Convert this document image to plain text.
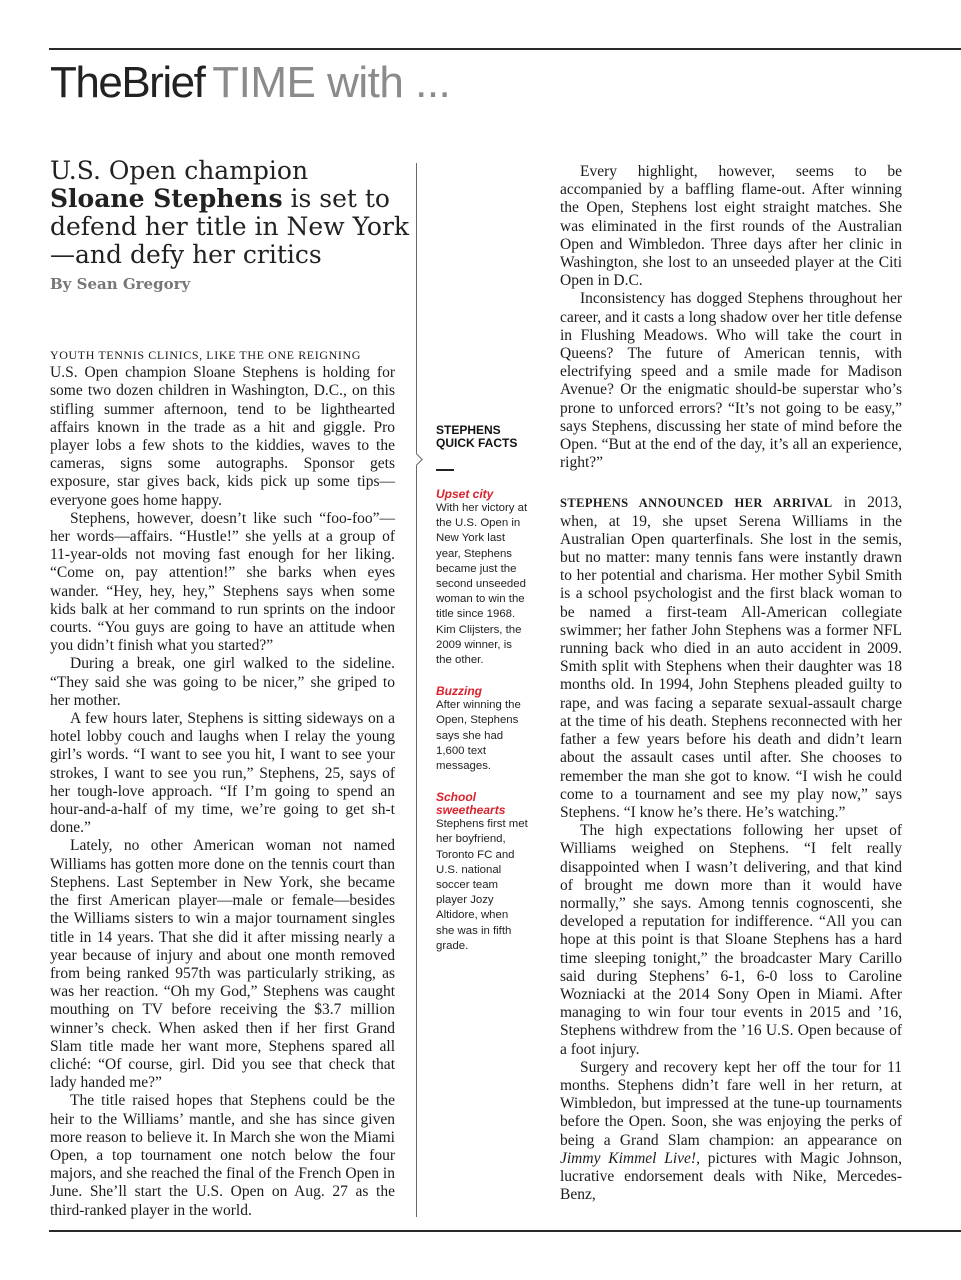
TheBrief TIME with ...
U.S. Open champion Sloane Stephens is set to defend her title in New York—and defy her critics
By Sean Gregory

YOUTH TENNIS CLINICS, LIKE THE ONE REIGNING
U.S. Open champion Sloane Stephens is holding for some two dozen children in Washington, D.C., on this stifling summer afternoon, tend to be lighthearted affairs known in the trade as a hit and giggle. Pro player lobs a few shots to the kiddies, waves to the cameras, signs some autographs. Sponsor gets exposure, star gives back, kids pick up some tips—everyone goes home happy.

Stephens, however, doesn’t like such “foo-foo”—her words—affairs. “Hustle!” she yells at a group of 11-year-olds not moving fast enough for her liking. “Come on, pay attention!” she barks when eyes wander. “Hey, hey, hey,” Stephens says when some kids balk at her command to run sprints on the indoor courts. “You guys are going to have an attitude when you didn’t finish what you started?”

During a break, one girl walked to the sideline. “They said she was going to be nicer,” she griped to her mother.

A few hours later, Stephens is sitting sideways on a hotel lobby couch and laughs when I relay the young girl’s words. “I want to see you hit, I want to see your strokes, I want to see you run,” Stephens, 25, says of her tough-love approach. “If I’m going to spend an hour-and-a-half of my time, we’re going to get sh-t done.”

Lately, no other American woman not named Williams has gotten more done on the tennis court than Stephens. Last September in New York, she became the first American player—male or female—besides the Williams sisters to win a major tournament singles title in 14 years. That she did it after missing nearly a year because of injury and about one month removed from being ranked 957th was particularly striking, as was her reaction. “Oh my God,” Stephens was caught mouthing on TV before receiving the $3.7 million winner’s check. When asked then if her first Grand Slam title made her want more, Stephens spared all cliché: “Of course, girl. Did you see that check that lady handed me?”

The title raised hopes that Stephens could be the heir to the Williams’ mantle, and she has since given more reason to believe it. In March she won the Miami Open, a top tournament one notch below the four majors, and she reached the final of the French Open in June. She’ll start the U.S. Open on Aug. 27 as the third-ranked player in the world.

STEPHENS QUICK FACTS
Upset city
With her victory at the U.S. Open in New York last year, Stephens became just the second unseeded woman to win the title since 1968. Kim Clijsters, the 2009 winner, is the other.
Buzzing
After winning the Open, Stephens says she had 1,600 text messages.
School sweethearts
Stephens first met her boyfriend, Toronto FC and U.S. national soccer team player Jozy Altidore, when she was in fifth grade.

Every highlight, however, seems to be accompanied by a baffling flame-out. After winning the Open, Stephens lost eight straight matches. She was eliminated in the first rounds of the Australian Open and Wimbledon. Three days after her clinic in Washington, she lost to an unseeded player at the Citi Open in D.C.

Inconsistency has dogged Stephens throughout her career, and it casts a long shadow over her title defense in Flushing Meadows. Who will take the court in Queens? The future of American tennis, with electrifying speed and a smile made for Madison Avenue? Or the enigmatic should-be superstar who’s prone to unforced errors? “It’s not going to be easy,” says Stephens, discussing her state of mind before the Open. “But at the end of the day, it’s all an experience, right?”

STEPHENS ANNOUNCED HER ARRIVAL in 2013, when, at 19, she upset Serena Williams in the Australian Open quarterfinals. She lost in the semis, but no matter: many tennis fans were instantly drawn to her potential and charisma. Her mother Sybil Smith is a school psychologist and the first black woman to be named a first-team All-American collegiate swimmer; her father John Stephens was a former NFL running back who died in an auto accident in 2009. Smith split with Stephens when their daughter was 18 months old. In 1994, John Stephens pleaded guilty to rape, and was facing a separate sexual-assault charge at the time of his death. Stephens reconnected with her father a few years before his death and didn’t learn about the assault cases until after. She chooses to remember the man she got to know. “I wish he could come to a tournament and see my play now,” says Stephens. “I know he’s there. He’s watching.”

The high expectations following her upset of Williams weighed on Stephens. “I felt really disappointed when I wasn’t delivering, and that kind of brought me down more than it would have normally,” she says. Among tennis cognoscenti, she developed a reputation for indifference. “All you can hope at this point is that Sloane Stephens has a hard time sleeping tonight,” the broadcaster Mary Carillo said during Stephens’ 6-1, 6-0 loss to Caroline Wozniacki at the 2014 Sony Open in Miami. After managing to win four tour events in 2015 and ’16, Stephens withdrew from the ’16 U.S. Open because of a foot injury.

Surgery and recovery kept her off the tour for 11 months. Stephens didn’t fare well in her return, at Wimbledon, but impressed at the tune-up tournaments before the Open. Soon, she was enjoying the perks of being a Grand Slam champion: an appearance on Jimmy Kimmel Live!, pictures with Magic Johnson, lucrative endorsement deals with Nike, Mercedes-Benz,
